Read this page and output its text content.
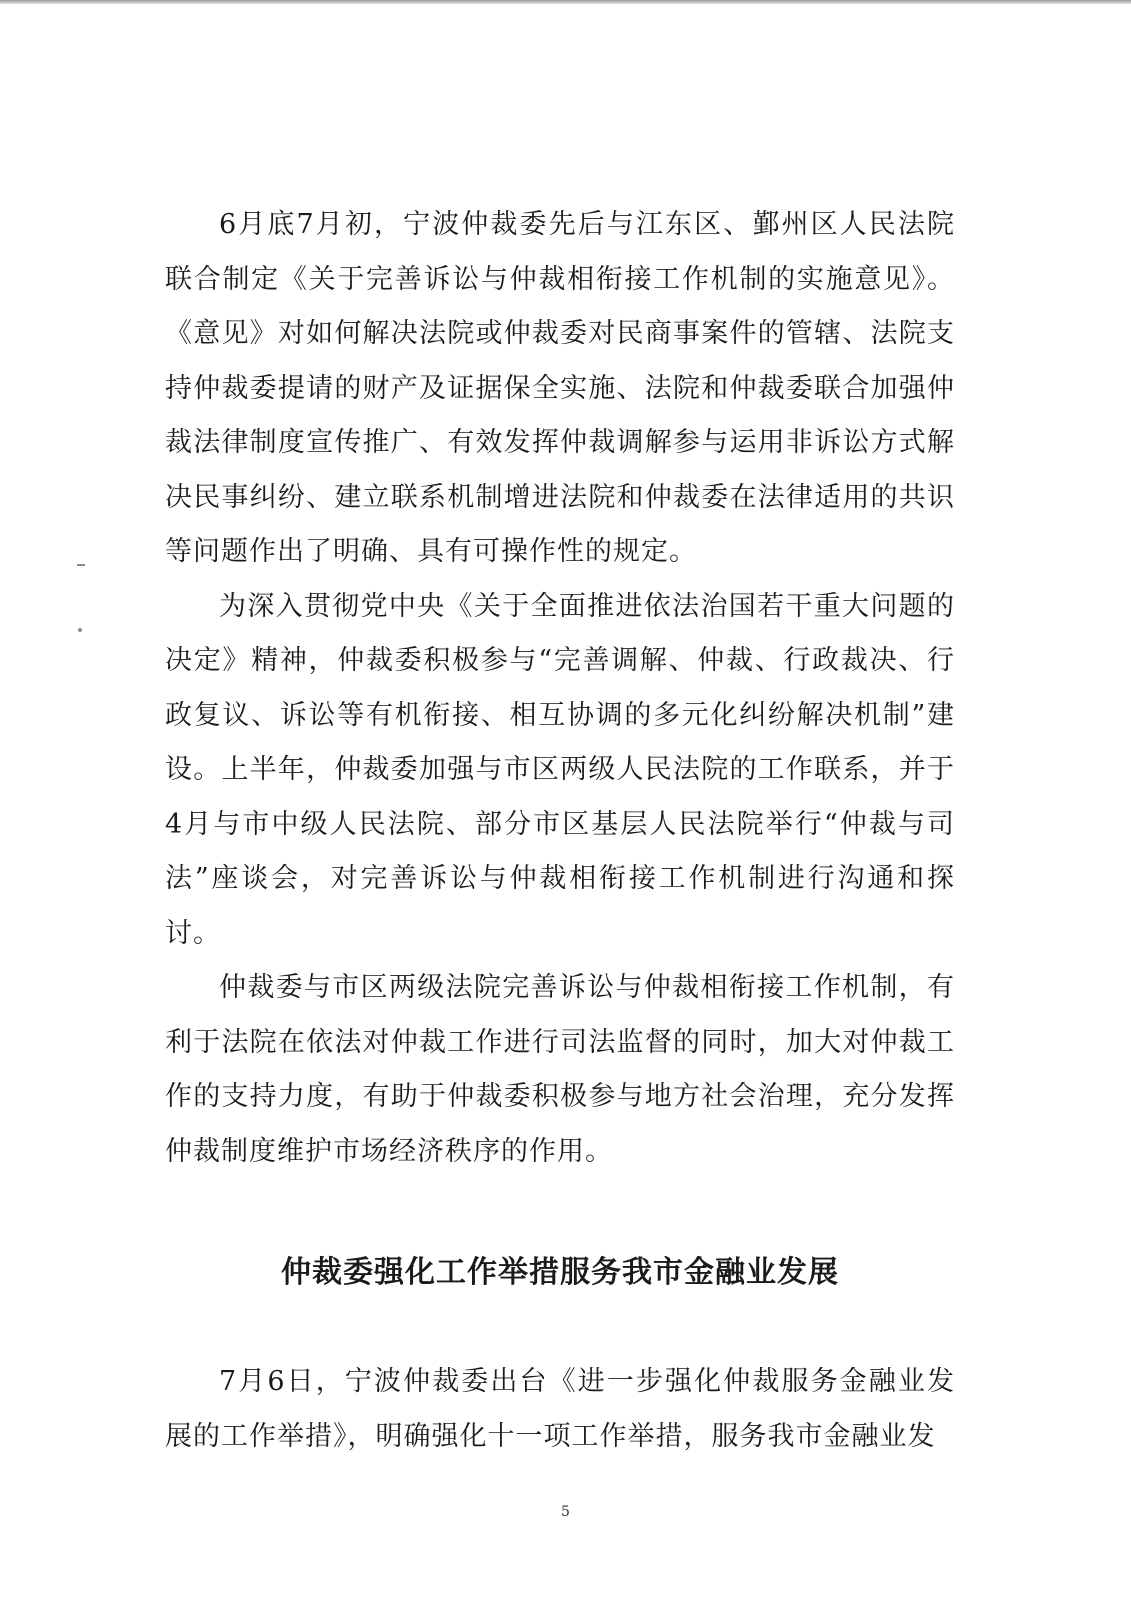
6月底7月初，宁波仲裁委先后与江东区、鄞州区人民法院联合制定《关于完善诉讼与仲裁相衔接工作机制的实施意见》。《意见》对如何解决法院或仲裁委对民商事案件的管辖、法院支持仲裁委提请的财产及证据保全实施、法院和仲裁委联合加强仲裁法律制度宣传推广、有效发挥仲裁调解参与运用非诉讼方式解决民事纠纷、建立联系机制增进法院和仲裁委在法律适用的共识等问题作出了明确、具有可操作性的规定。

为深入贯彻党中央《关于全面推进依法治国若干重大问题的决定》精神，仲裁委积极参与“完善调解、仲裁、行政裁决、行政复议、诉讼等有机衔接、相互协调的多元化纠纷解决机制”建设。上半年，仲裁委加强与市区两级人民法院的工作联系，并于4月与市中级人民法院、部分市区基层人民法院举行“仲裁与司法”座谈会，对完善诉讼与仲裁相衔接工作机制进行沟通和探讨。

仲裁委与市区两级法院完善诉讼与仲裁相衔接工作机制，有利于法院在依法对仲裁工作进行司法监督的同时，加大对仲裁工作的支持力度，有助于仲裁委积极参与地方社会治理，充分发挥仲裁制度维护市场经济秩序的作用。

仲裁委强化工作举措服务我市金融业发展

7月6日，宁波仲裁委出台《进一步强化仲裁服务金融业发展的工作举措》，明确强化十一项工作举措，服务我市金融业发

5
